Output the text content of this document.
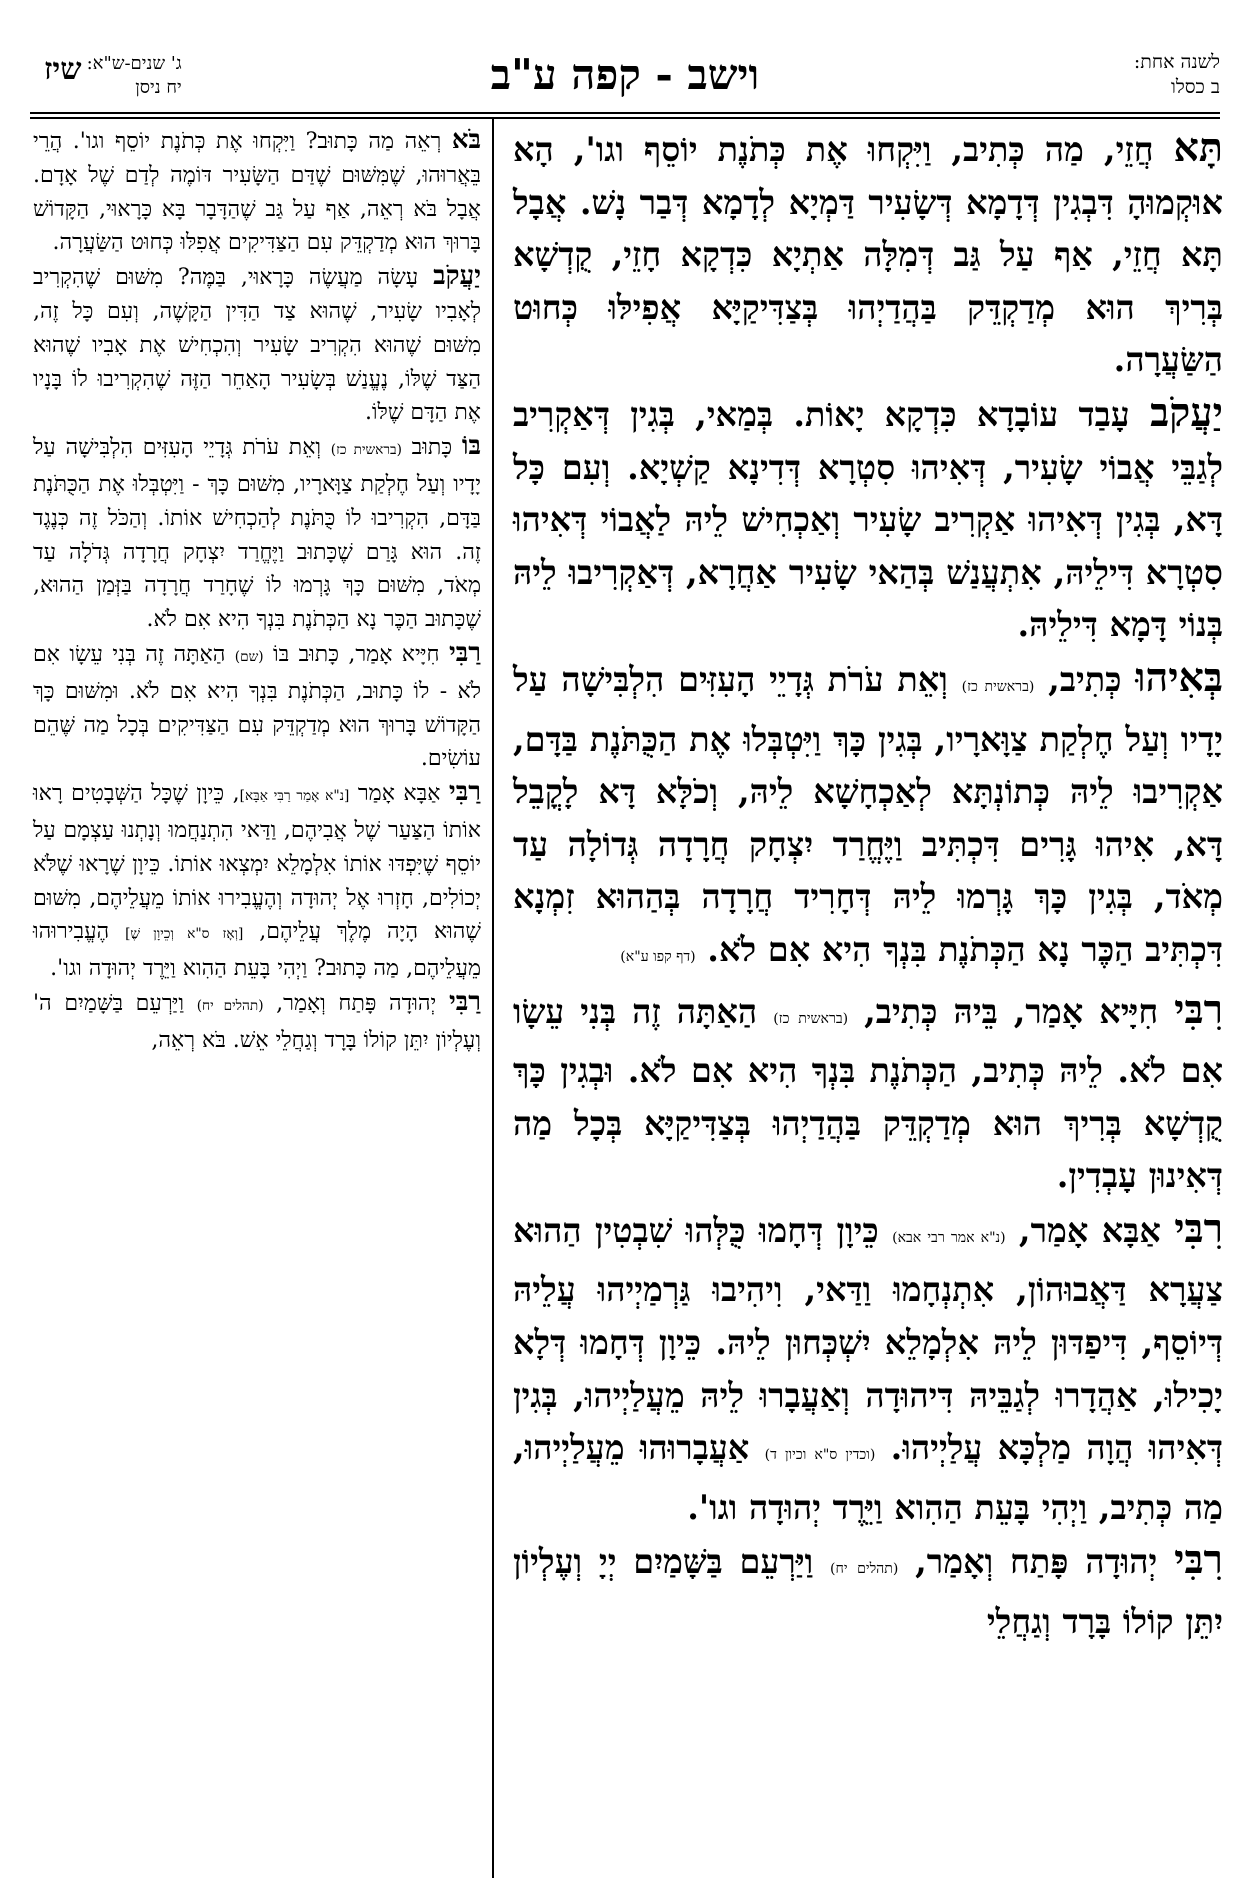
לשנה אחת:
ב כסלו
וישב - קפה ע"ב
ג' שנים-ש"א:
יח ניסן
שיז

תָּא חֲזֵי, מַה כְּתִיב, וַיִּקְחוּ אֶת כְּתֹנֶת יוֹסֵף וגו', הָא אוּקְמוּהָ דִּבְגִין דְּדָמָא דְּשָׂעִיר דַּמְיָא לְדָמָא דְּבַר נָשׁ. אֲבָל תָּא חֲזֵי, אַף עַל גַּב דְּמִלָּה אַתְיָא כִּדְקָא חָזֵי, קֻדְשָׁא בְּרִיךְ הוּא מְדַקְדֵּק בַּהֲדַיְהוּ בְּצַדִּיקַיָּא אֲפִילּוּ כְּחוּט הַשַּׂעֲרָה.

יַעֲקֹב עָבַד עוֹבָדָא כִּדְקָא יָאוֹת. בְּמַאי, בְּגִין דְּאַקְרִיב לְגַבֵּי אֲבוֹי שָׂעִיר, דְּאִיהוּ סִטְרָא דְּדִינָא קַשְׁיָא. וְעִם כָּל דָּא, בְּגִין דְּאִיהוּ אַקְרִיב שָׂעִיר וְאַכְחִישׁ לֵיהּ לַאֲבוֹי דְּאִיהוּ סִטְרָא דִּילֵיהּ, אִתְעֲנַשׁ בְּהַאי שָׂעִיר אַחֲרָא, דְּאַקְרִיבוּ לֵיהּ בְּנוֹי דָּמָא דִּילֵיהּ.

בְּאִיהוּ כְּתִיב, (בראשית כז) וְאֵת עֹרֹת גְּדָיֵי הָעִזִּים הִלְבִּישָׁה עַל יָדָיו וְעַל חֶלְקַת צַוָּארָיו, בְּגִין כָּךְ וַיִּטְבְּלוּ אֶת הַכֻּתֹּנֶת בַּדָּם, אַקְרִיבוּ לֵיהּ כְּתוֹנְתָּא לְאַכְחָשָׁא לֵיהּ, וְכֹלָּא דָּא לָקֳבֵל דָּא, אִיהוּ גָּרִים דִּכְתִּיב וַיֶּחֱרַד יִצְחָק חֲרָדָה גְּדוֹלָה עַד מְאֹד, בְּגִין כָּךְ גָּרְמוּ לֵיהּ דְּחָרִיד חֲרָדָה בְּהַהוּא זִמְנָא דִּכְתִּיב הַכֶּר נָא הַכְּתֹנֶת בִּנְךָ הִיא אִם לֹא. (דף קפו ע"א)

רִבִּי חִיָּיא אָמַר, בֵּיהּ כְּתִיב, (בראשית כז) הַאַתָּה זֶה בְּנִי עֵשָׂו אִם לֹא. לֵיהּ כְּתִיב, הַכְּתֹנֶת בִּנְךָ הִיא אִם לֹא. וּבְגִין כָּךְ קֻדְשָׁא בְּרִיךְ הוּא מְדַקְדֵּק בַּהֲדַיְהוּ בְּצַדִּיקַיָּא בְּכָל מַה דְּאִינוּן עָבְדִין.

רִבִּי אַבָּא אָמַר, (נ"א אמר רבי אבא) כֵּיוָן דְּחָמוּ כֻּלְּהוּ שִׁבְטִין הַהוּא צַעֲרָא דַּאֲבוּהוֹן, אִתְנְחָמוּ וַדַּאי, וִיהִיבוּ גַּרְמַיְיהוּ עֲלֵיהּ דְּיוֹסֵף, דִּיפַדּוּן לֵיהּ אִלְמָלֵא יִשְׁכְּחוּן לֵיהּ. כֵּיוָן דְּחָמוּ דְּלָא יָכִילוּ, אַהֲדָרוּ לְגַבֵּיהּ דִּיהוּדָה וְאַעֲבָרוּ לֵיהּ מֵעֲלַיְיהוּ, בְּגִין דְּאִיהוּ הֲוָה מַלְכָּא עֲלַיְיהוּ. (וכדין ס"א וכיון ד) אַעֲבָרוּהוּ מֵעֲלַיְיהוּ, מַה כְּתִיב, וַיְהִי בָּעֵת הַהִוא וַיֵּרֶד יְהוּדָה וגו'.

רִבִּי יְהוּדָה פָּתַח וְאָמַר, (תהלים יח) וַיַּרְעֵם בַּשָּׁמַיִם יְיָ וְעֶלְיוֹן יִתֵּן קוֹלוֹ בָּרָד וְגַחֲלֵי

בֹּא רְאֵה מַה כָּתוּב? וַיִּקְחוּ אֶת כְּתֹנֶת יוֹסֵף וגו'. הֲרֵי בֵּאֲרוּהוּ, שֶׁמִּשּׁוּם שֶׁדַּם הַשָּׂעִיר דּוֹמֶה לְדַם שֶׁל אָדָם. אֲבָל בֹּא רְאֵה, אַף עַל גַּב שֶׁהַדָּבָר בָּא כָּרָאוּי, הַקָּדוֹשׁ בָּרוּךְ הוּא מְדַקְדֵּק עִם הַצַּדִּיקִים אֲפִלּוּ כְּחוּט הַשַּׂעֲרָה.

יַעֲקֹב עָשָׂה מַעֲשֶׂה כָּרָאוּי, בַּמֶּה? מִשּׁוּם שֶׁהִקְרִיב לְאָבִיו שָׂעִיר, שֶׁהוּא צַד הַדִּין הַקָּשֶׁה, וְעִם כָּל זֶה, מִשּׁוּם שֶׁהוּא הִקְרִיב שָׂעִיר וְהִכְחִישׁ אֶת אָבִיו שֶׁהוּא הַצַּד שֶׁלּוֹ, נֶעֱנַשׁ בְּשָׂעִיר הָאַחֵר הַזֶּה שֶׁהִקְרִיבוּ לוֹ בָּנָיו אֶת הַדָּם שֶׁלּוֹ.

בּוֹ כָּתוּב (בראשית כז) וְאֵת עֹרֹת גְּדָיֵי הָעִזִּים הִלְבִּישָׁה עַל יָדָיו וְעַל חֶלְקַת צַוָּארָיו, מִשּׁוּם כָּךְ - וַיִּטְבְּלוּ אֶת הַכֻּתֹּנֶת בַּדָּם, הִקְרִיבוּ לוֹ כֻּתֹּנֶת לְהַכְחִישׁ אוֹתוֹ. וְהַכֹּל זֶה כְּנֶגֶד זֶה. הוּא גָּרַם שֶׁכָּתוּב וַיֶּחֱרַד יִצְחָק חֲרָדָה גְּדֹלָה עַד מְאֹד, מִשּׁוּם כָּךְ גָּרְמוּ לוֹ שֶׁחָרַד חֲרָדָה בַּזְּמַן הַהוּא, שֶׁכָּתוּב הַכֶּר נָא הַכְּתֹנֶת בִּנְךָ הִיא אִם לֹא.

רַבִּי חִיָּיא אָמַר, כָּתוּב בּוֹ (שם) הַאַתָּה זֶה בְּנִי עֵשָׂו אִם לֹא - לוֹ כָּתוּב, הַכְּתֹנֶת בִּנְךָ הִיא אִם לֹא. וּמִשּׁוּם כָּךְ הַקָּדוֹשׁ בָּרוּךְ הוּא מְדַקְדֵּק עִם הַצַּדִּיקִים בְּכָל מַה שֶּׁהֵם עוֹשִׂים.

רַבִּי אַבָּא אָמַר [נ"א אָמַר רַבִּי אַבָּא], כֵּיוָן שֶׁכָּל הַשְּׁבָטִים רָאוּ אוֹתוֹ הַצַּעַר שֶׁל אֲבִיהֶם, וַדַּאי הִתְנַחֲמוּ וְנָתְנוּ עַצְמָם עַל יוֹסֵף שֶׁיִּפְדּוּ אוֹתוֹ אִלְמָלֵא יִמְצְאוּ אוֹתוֹ. כֵּיוָן שֶׁרָאוּ שֶׁלֹּא יְכוֹלִים, חָזְרוּ אֶל יְהוּדָה וְהֶעֱבִירוּ אוֹתוֹ מֵעֲלֵיהֶם, מִשּׁוּם שֶׁהוּא הָיָה מֶלֶךְ עֲלֵיהֶם, [וְאָז ס"א וְכֵיוָן שֶׁ] הֶעֱבִירוּהוּ מֵעֲלֵיהֶם, מַה כָּתוּב? וַיְהִי בָּעֵת הַהִוא וַיֵּרֶד יְהוּדָה וגו'.

רַבִּי יְהוּדָה פָּתַח וְאָמַר, (תהלים יח) וַיַּרְעֵם בַּשָּׁמַיִם ה' וְעֶלְיוֹן יִתֵּן קוֹלוֹ בָּרָד וְגַחֲלֵי אֵשׁ. בֹּא רְאֵה,
